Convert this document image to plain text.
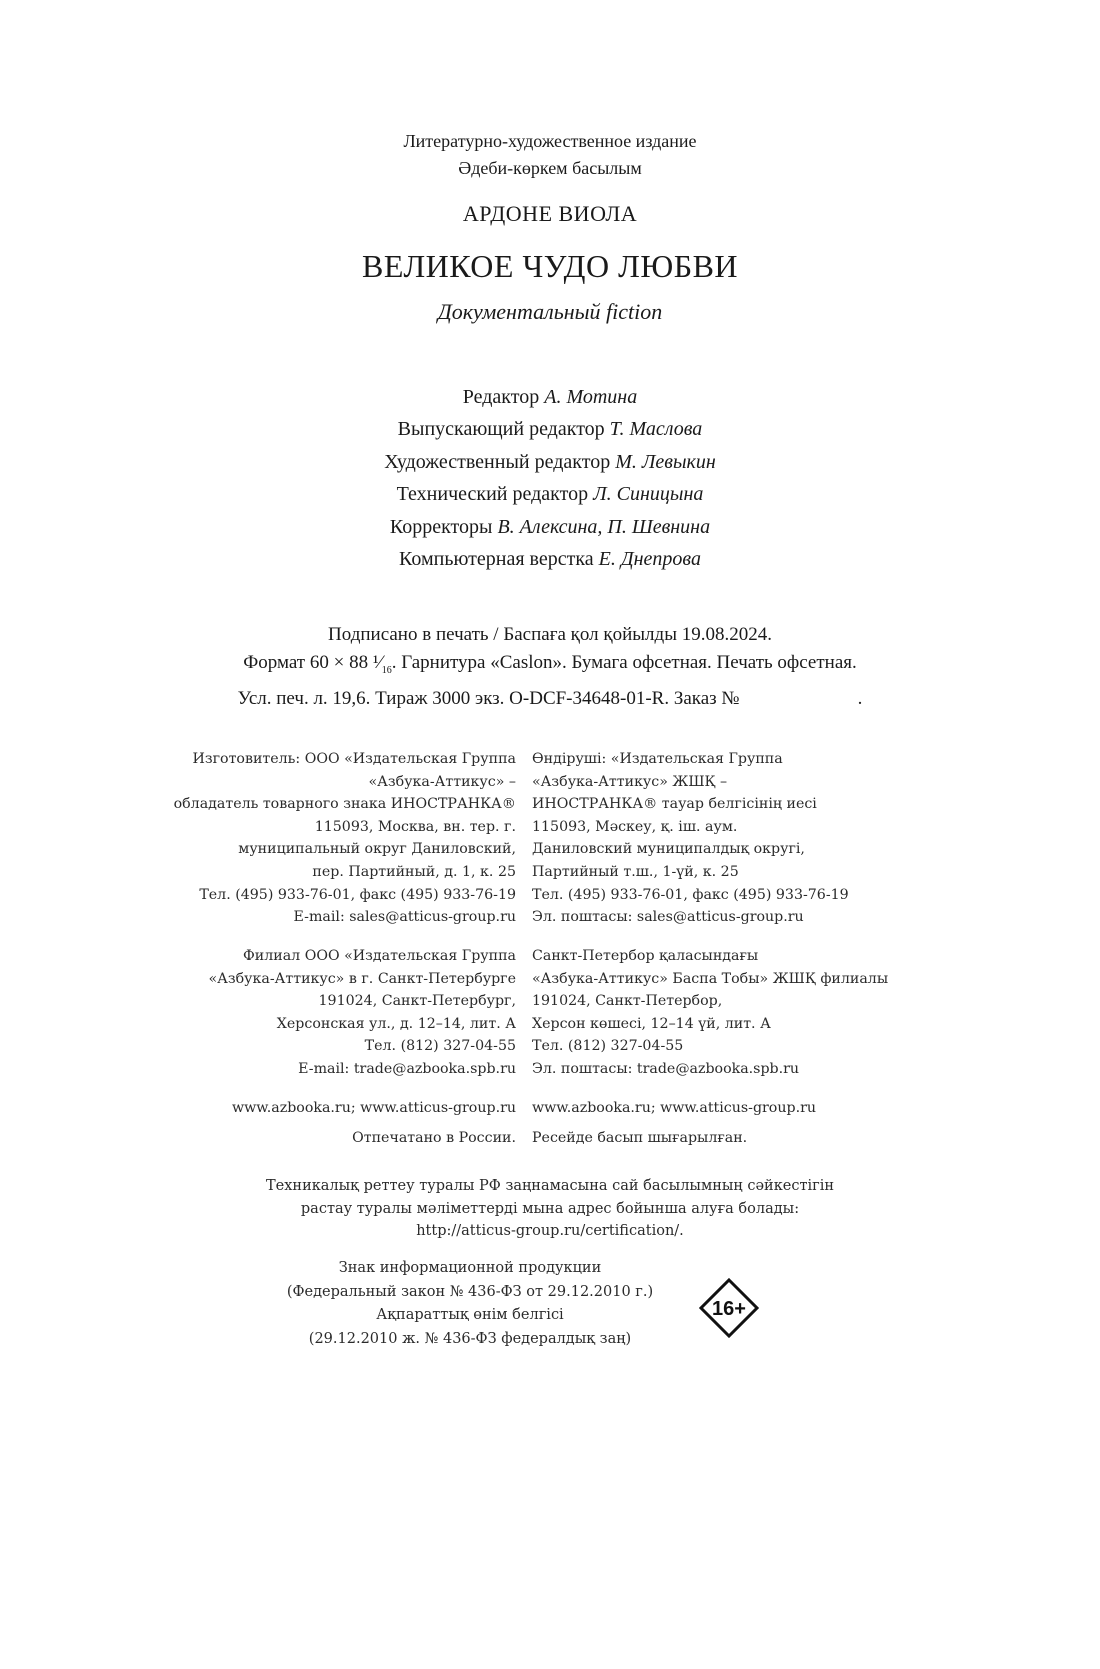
Литературно-художественное издание
Әдеби-көркем басылым
АРДОНЕ ВИОЛА
ВЕЛИКОЕ ЧУДО ЛЮБВИ
Документальный fiction
Редактор А. Мотина
Выпускающий редактор Т. Маслова
Художественный редактор М. Левыкин
Технический редактор Л. Синицына
Корректоры В. Алексина, П. Шевнина
Компьютерная верстка Е. Днепрова
Подписано в печать / Баспаға қол қойылды 19.08.2024.
Формат 60 × 88 $^1⁄_{16}$. Гарнитура «Caslon». Бумага офсетная. Печать офсетная.
Усл. печ. л. 19,6. Тираж 3000 экз. O-DCF-34648-01-R. Заказ №	.
Изготовитель: ООО «Издательская Группа
«Азбука-Аттикус» –
обладатель товарного знака ИНОСТРАНКА®
115093, Москва, вн. тер. г.
муниципальный округ Даниловский,
пер. Партийный, д. 1, к. 25
Тел. (495) 933-76-01, факс (495) 933-76-19
E-mail: sales@atticus-group.ru
Өндіруші: «Издательская Группа
«Азбука-Аттикус» ЖШҚ –
ИНОСТРАНКА® тауар белгісінің иесі
115093, Мәскеу, қ. іш. аум.
Даниловский муниципалдық округі,
Партийный т.ш., 1-үй, к. 25
Тел. (495) 933-76-01, факс (495) 933-76-19
Эл. поштасы: sales@atticus-group.ru
Филиал ООО «Издательская Группа
«Азбука-Аттикус» в г. Санкт-Петербурге
191024, Санкт-Петербург,
Херсонская ул., д. 12–14, лит. А
Тел. (812) 327-04-55
E-mail: trade@azbooka.spb.ru
Санкт-Петербор қаласындағы
«Азбука-Аттикус» Баспа Тобы» ЖШҚ филиалы
191024, Санкт-Петербор,
Херсон көшесі, 12–14 үй, лит. А
Тел. (812) 327-04-55
Эл. поштасы: trade@azbooka.spb.ru
www.azbooka.ru; www.atticus-group.ru www.azbooka.ru; www.atticus-group.ru
Отпечатано в России. Ресейде басып шығарылған.
Техникалық реттеу туралы РФ заңнамасына сай басылымның сәйкестігін
растау туралы мәліметтерді мына адрес бойынша алуға болады:
http://atticus-group.ru/certification/.
Знак информационной продукции
(Федеральный закон № 436-ФЗ от 29.12.2010 г.)
Ақпараттық өнім белгісі
(29.12.2010 ж. № 436-ФЗ федералдық заң)
16+
